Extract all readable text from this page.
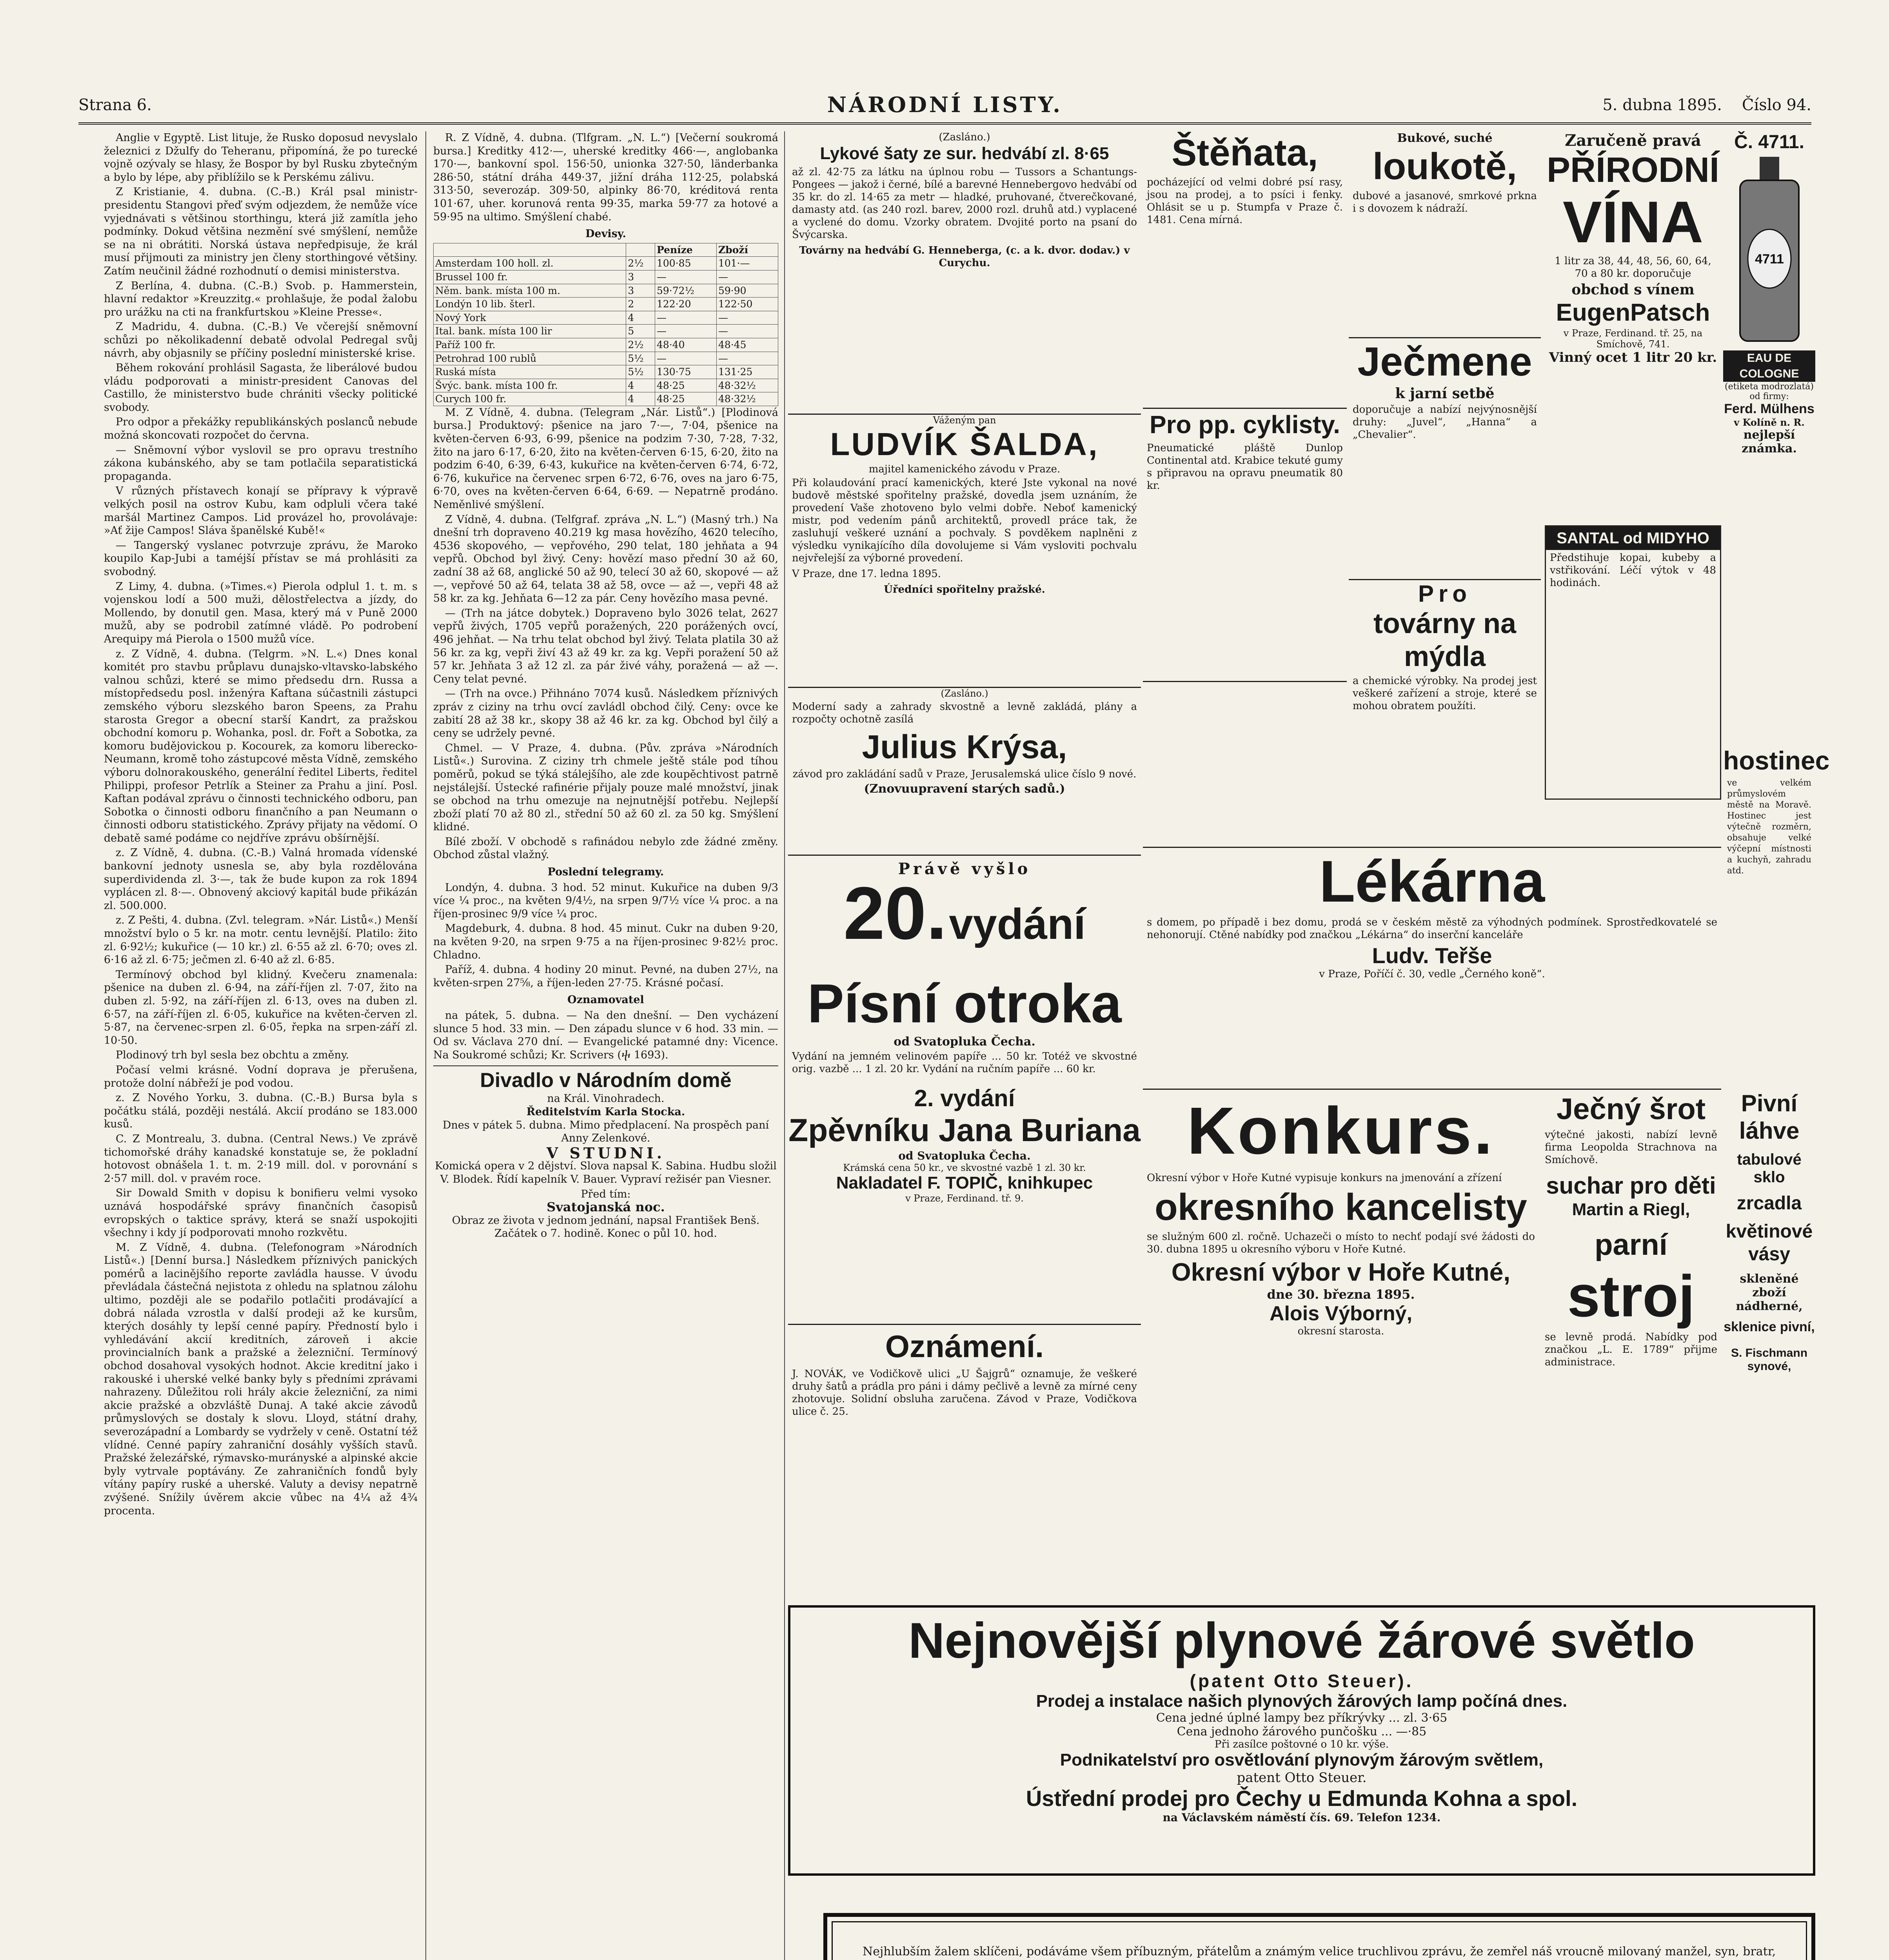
Strana 6.	NÁRODNÍ LISTY.	5. dubna 1895. Číslo 94.

Anglie v Egyptě. List lituje, že Rusko doposud nevyslalo železnici z Džulfy do Teheranu, připomíná, že po turecké vojně ozývaly se hlasy, že Bospor by byl Rusku zbytečným a bylo by lépe, aby přiblížilo se k Perskému zálivu.

Z Kristianie, 4. dubna. (C.-B.) Král psal ministr-presidentu Stangovi přeď svým odjezdem, že nemůže více vyjednávati s většinou storthingu, která již zamítla jeho podmínky. Dokud většina nezmění své smýšlení, nemůže se na ni obrátiti. Norská ústava nepředpisuje, že král musí přijmouti za ministry jen členy storthingové většiny. Zatím neučinil žádné rozhodnutí o demisi ministerstva.

Z Berlína, 4. dubna. (C.-B.) Svob. p. Hammerstein, hlavní redaktor »Kreuzzitg.« prohlašuje, že podal žalobu pro urážku na cti na frankfurtskou »Kleine Presse«.

Z Madridu, 4. dubna. (C.-B.) Ve včerejší sněmovní schůzi po několikadenní debatě odvolal Pedregal svůj návrh, aby objasnily se příčiny poslední ministerské krise.

Během rokování prohlásil Sagasta, že liberálové budou vládu podporovati a ministr-president Canovas del Castillo, že ministerstvo bude chrániti všecky politické svobody.

Pro odpor a překážky republikánských poslanců nebude možná skoncovati rozpočet do června.

— Sněmovní výbor vyslovil se pro opravu trestního zákona kubánského, aby se tam potlačila separatistická propaganda.

V různých přístavech konají se přípravy k výpravě velkých posil na ostrov Kubu, kam odpluli včera také maršál Martinez Campos. Lid provázel ho, provolávaje: »Ať žije Campos! Sláva španělské Kubě!«

— Tangerský vyslanec potvrzuje zprávu, že Maroko koupilo Kap-Jubi a taméjší přístav se má prohlásiti za svobodný.

Z Limy, 4. dubna. (»Times.«) Pierola odplul 1. t. m. s vojenskou lodí a 500 muži, dělostřelectva a jízdy, do Mollendo, by donutil gen. Masa, který má v Puně 2000 mužů, aby se podrobil zatímné vládě. Po podrobení Arequipy má Pierola o 1500 mužů více.

z. Z Vídně, 4. dubna. (Telgrm. »N. L.«) Dnes konal komitét pro stavbu průplavu dunajsko-vltavsko-labského valnou schůzi, které se mimo předsedu drn. Russa a místopředsedu posl. inženýra Kaftana súčastnili zástupci zemského výboru slezského baron Speens, za Prahu starosta Gregor a obecní starší Kandrt, za pražskou obchodní komoru p. Wohanka, posl. dr. Fořt a Sobotka, za komoru budějovickou p. Kocourek, za komoru liberecko-Neumann, kromě toho zástupcové města Vídně, zemského výboru dolnorakouského, generální ředitel Liberts, ředitel Philippi, profesor Petrlík a Steiner za Prahu a jiní. Posl. Kaftan podával zprávu o činnosti technického odboru, pan Sobotka o činnosti odboru finančního a pan Neumann o činnosti odboru statistického. Zprávy přijaty na vědomí. O debatě samé podáme co nejdříve zprávu obšírnější.

z. Z Vídně, 4. dubna. (C.-B.) Valná hromada vídenské bankovní jednoty usnesla se, aby byla rozdělována superdividenda zl. 3·—, tak že bude kupon za rok 1894 vyplácen zl. 8·—. Obnovený akciový kapitál bude přikázán zl. 500.000.

z. Z Pešti, 4. dubna. (Zvl. telegram. »Nár. Listů«.) Menší množství bylo o 5 kr. na motr. centu levnější. Platilo: žito zl. 6·92½; kukuřice (— 10 kr.) zl. 6·55 až zl. 6·70; oves zl. 6·16 až zl. 6·75; ječmen zl. 6·40 až zl. 6·85.

Termínový obchod byl klidný. Kvečeru znamenala: pšenice na duben zl. 6·94, na září-říjen zl. 7·07, žito na duben zl. 5·92, na září-říjen zl. 6·13, oves na duben zl. 6·57, na září-říjen zl. 6·05, kukuřice na květen-červen zl. 5·87, na červenec-srpen zl. 6·05, řepka na srpen-září zl. 10·50.

Plodinový trh byl sesla bez obchtu a změny.

Počasí velmi krásné. Vodní dopravа je přerušena, protože dolní nábřeží je pod vodou.

z. Z Nového Yorku, 3. dubna. (C.-B.) Bursa byla s počátku stálá, později nestálá. Akcií prodáno se 183.000 kusů.

C. Z Montrealu, 3. dubna. (Central News.) Ve zprávě tichomořské dráhy kanadské konstatuje se, že pokladní hotovost obnášela 1. t. m. 2·19 mill. dol. v porovnání s 2·57 mill. dol. v pravém roce.

Sir Dowald Smith v dopisu k bonifieru velmi vysoko uznává hospodářské správy finančních časopisů evropských o taktice správy, která se snaží uspokojiti všechny i kdy jí podporovati mnoho rozkvětu.

M. Z Vídně, 4. dubna. (Telefonogram »Národních Listů«.) [Denní bursa.] Následkem příznivých panických pomérů a lacinějšího reporte zavládla hausse. V úvodu převládala částečná nejistota z ohledu na splatnou zálohu ultimo, později ale se podařilo potlačiti prodávající a dobrá nálada vzrostla v další prodeji až ke kursům, kterých dosáhly ty lepší cenné papíry. Předností bylo i vyhledávání akcií kreditních, zároveň i akcie provincialních bank a pražské a železniční. Termínový obchod dosahoval vysokých hodnot. Akcie kreditní jako i rakouské i uherské velké banky byly s předními zprávami nahrazeny. Důležitou roli hrály akcie železniční, za nimi akcie pražské a obzvláště Dunaj. A také akcie závodů průmyslových se dostaly k slovu. Lloyd, státní drahy, severozápadní a Lombardy se vydržely v ceně. Ostatní též vlídné. Cenné papíry zahraniční dosáhly vyšších stavů. Pražské železářské, rýmavsko-murányské a alpinské akcie byly vytrvale poptávány. Ze zahraničních fondů byly vítány papíry ruské a uherské. Valuty a devisy nepatrně zvýšené. Snížily úvěrem akcie vůbec na 4¼ až 4¾ procenta.

R. Z Vídně, 4. dubna. (Tlfgram. „N. L.“) [Večerní soukromá bursa.] Kreditky 412·—, uherské kreditky 466·—, anglobanka 170·—, bankovní spol. 156·50, unionka 327·50, länderbanka 286·50, státní dráha 449·37, jižní dráha 112·25, polabská 313·50, severozáp. 309·50, alpinky 86·70, kréditová renta 101·67, uher. korunová renta 99·35, marka 59·77 za hotové a 59·95 na ultimo. Smýšlení chabé.

Devisy.
		Peníze	Zboží
Amsterdam 100 holl. zl.	2½	100·85	101·—
Brussel 100 fr.	3	—	—
Něm. bank. místa 100 m.	3	59·72½	59·90
Londýn 10 lib. šterl.	2	122·20	122·50
Nový York	4	—	—
Ital. bank. místa 100 lir	5	—	—
Paříž 100 fr.	2½	48·40	48·45
Petrohrad 100 rublů	5½	—	—
Ruská místa	5½	130·75	131·25
Švýc. bank. místa 100 fr.	4	48·25	48·32½
Curych 100 fr.	4	48·25	48·32½

M. Z Vídně, 4. dubna. (Telegram „Nár. Listů“.) [Plodinová bursa.] Produktový: pšenice na jaro 7·—, 7·04, pšenice na květen-červen 6·93, 6·99, pšenice na podzim 7·30, 7·28, 7·32, žito na jaro 6·17, 6·20, žito na květen-červen 6·15, 6·20, žito na podzim 6·40, 6·39, 6·43, kukuřice na květen-červen 6·74, 6·72, 6·76, kukuřice na červenec srpen 6·72, 6·76, oves na jaro 6·75, 6·70, oves na květen-červen 6·64, 6·69. — Nepatrně prodáno. Neměnlivé smýšlení.

Z Vídně, 4. dubna. (Telfgraf. zpráva „N. L.“) (Masný trh.) Na dnešní trh dopraveno 40.219 kg masa hovězího, 4620 telecího, 4536 skopového, — vepřového, 290 telat, 180 jehňata a 94 vepřů. Obchod byl živý. Ceny: hovězí maso přední 30 až 60, zadní 38 až 68, anglické 50 až 90, telecí 30 až 60, skopové — až —, vepřové 50 až 64, telata 38 až 58, ovce — až —, vepři 48 až 58 kr. za kg. Jehňata 6—12 za pár. Ceny hovězího masa pevné.

— (Trh na játce dobytek.) Dopraveno bylo 3026 telat, 2627 vepřů živých, 1705 vepřů poražených, 220 porážených ovcí, 496 jehňat. — Na trhu telat obchod byl živý. Telata platila 30 až 56 kr. za kg, vepři živí 43 až 49 kr. za kg. Vepři poražení 50 až 57 kr. Jehňata 3 až 12 zl. za pár živé váhy, poražená — až —. Ceny telat pevné.

— (Trh na ovce.) Přihnáno 7074 kusů. Následkem příznivých zpráv z ciziny na trhu ovcí zavládl obchod čilý. Ceny: ovce ke zabití 28 až 38 kr., skopy 38 až 46 kr. za kg. Obchod byl čilý a ceny se udržely pevné.

Chmel. — V Praze, 4. dubna. (Pův. zpráva »Národních Listů«.) Surovina. Z ciziny trh chmele ještě stále pod tíhou poměrů, pokud se týká stálejšího, ale zde koupěchtivost patrně nejstálejší. Ústecké rafinérie přijaly pouze malé množství, jinak se obchod na trhu omezuje na nejnutnější potřebu. Nejlepší zboží platí 70 až 80 zl., střední 50 až 60 zl. za 50 kg. Smýšlení klidné.

Bílé zboží. V obchodě s rafinádou nebylo zde žádné změny. Obchod zůstal vlažný.

Poslední telegramy.

Londýn, 4. dubna. 3 hod. 52 minut. Kukuřice na duben 9/3 více ¼ proc., na květen 9/4½, na srpen 9/7½ více ¼ proc. a na říjen-prosinec 9/9 více ¼ proc.

Magdeburk, 4. dubna. 8 hod. 45 minut. Cukr na duben 9·20, na květen 9·20, na srpen 9·75 a na říjen-prosinec 9·82½ proc. Chladno.

Paříž, 4. dubna. 4 hodiny 20 minut. Pevné, na duben 27½, na květen-srpen 27⅝, a říjen-leden 27·75. Krásné počasí.

Oznamovatel

na pátek, 5. dubna. — Na den dnešní. — Den vycházení slunce 5 hod. 33 min. — Den západu slunce v 6 hod. 33 min. — Od sv. Václava 270 dní. — Evangelické patamné dny: Vicence. Na Soukromé schůzi; Kr. Scrivers (ⴕ 1693).

Divadlo v Národním domě
na Král. Vinohradech.
Ředitelstvím Karla Stocka.

Dnes v pátek 5. dubna. Mimo předplacení. Na prospěch paní Anny Zelenkové.

V STUDNI.

Komická opera v 2 dějství. Slova napsal K. Sabina. Hudbu složil V. Blodek. Řídí kapelník V. Bauer. Vypraví režisér pan Viesner.

Před tím:
Svatojanská noc.

Obraz ze života v jednom jednání, napsal František Benš. Začátek o 7. hodině. Konec o půl 10. hod.

(Zasláno.)
Lykové šaty ze sur. hedvábí zl. 8·65
až zl. 42·75 za látku na úplnou robu — Tussors a Schantungs-Pongees — jakož i černé, bílé a barevné Hennebergovo hedvábí od 35 kr. do zl. 14·65 za metr — hladké, pruhované, čtverečkované, damasty atd. (as 240 rozl. barev, 2000 rozl. druhů atd.) vyplacené a vyclené do domu. Vzorky obratem. Dvojité porto na psaní do Švýcarska.
Továrny na hedvábí G. Henneberga, (c. a k. dvor. dodav.) v Curychu.
Váženým pan
LUDVÍK ŠALDA,
majitel kamenického závodu v Praze.
Při kolaudování prací kamenických, které Jste vykonal na nové budově městské spořitelny pražské, dovedla jsem uznáním, že provedení Vaše zhotoveno bylo velmi dobře. Neboť kamenický mistr, pod vedením pánů architektů, provedl práce tak, že zasluhují veškeré uznání a pochvaly. S povděkem naplněni z výsledku vynikajícího díla dovolujeme si Vám vysloviti pochvalu nejvřelejší za výborné provedení.
V Praze, dne 17. ledna 1895.
Úředníci spořitelny pražské.
(Zasláno.)
Moderní sady a zahrady skvostně a levně zakládá, plány a rozpočty ochotně zasílá
Julius Krýsa,
závod pro zakládání sadů v Praze, Jerusalemská ulice číslo 9 nové.
(Znovuupravení starých sadů.)
Právě vyšlo
20. vydání
Písní otroka
od Svatopluka Čecha.
Vydání na jemném velinovém papíře ... 50 kr. Totéž ve skvostné orig. vazbě ... 1 zl. 20 kr. Vydání na ručním papíře ... 60 kr.
2. vydání
Zpěvníku Jana Buriana
od Svatopluka Čecha.
Krámská cena 50 kr., ve skvostné vazbě 1 zl. 30 kr.
Nakladatel F. TOPIČ, knihkupec
v Praze, Ferdinand. tř. 9.
Oznámení.
J. NOVÁK, ve Vodičkově ulici „U Šajgrů“ oznamuje, že veškeré druhy šatů a prádla pro páni i dámy pečlivě a levně za mírné ceny zhotovuje. Solidní obsluha zaručena. Závod v Praze, Vodičkova ulice č. 25.
Štěňata,
pocházející od velmi dobré psí rasy, jsou na prodej, a to psíci i fenky. Ohlásit se u p. Stumpfa v Praze č. 1481. Cena mírná.
Pro pp. cyklisty.
Pneumatické pláště Dunlop Continental atd. Krabice tekuté gumy s připravou na opravu pneumatik 80 kr.
Bukové, suché
loukotě,
dubové a jasanové, smrkové prkna i s dovozem k nádraží.
Ječmene
k jarní setbě
doporučuje a nabízí nejvýnosnější druhy: „Juvel“, „Hanna“ a „Chevalier“.
Pro
továrny na mýdla
a chemické výrobky. Na prodej jest veškeré zařízení a stroje, které se mohou obratem použíti.
Zaručeně pravá
PŘÍRODNÍ
VÍNA
1 litr za 38, 44, 48, 56, 60, 64, 70 a 80 kr. doporučuje
obchod s vínem
EugenPatsch
v Praze, Ferdinand. tř. 25, na Smíchově, 741.
Vinný ocet 1 litr 20 kr.
SANTAL od MIDYHO
Předstihuje kopai, kubeby a vstřikování. Léčí výtok v 48 hodinách.
Č. 4711.
4711
EAU DE COLOGNE
(etiketa modrozlatá) od firmy:
Ferd. Mülhens
v Kolíně n. R.
nejlepší známka.
hostinec
ve velkém průmyslovém městě na Moravě. Hostinec jest výtečně rozměrn, obsahuje velké výčepní místnosti a kuchyň, zahradu atd.
Lékárna
s domem, po případě i bez domu, prodá se v českém městě za výhodných podmínek. Sprostředkovatelé se nehonorují. Ctěné nabídky pod značkou „Lékárna“ do inserční kanceláře
Ludv. Teřše
v Praze, Poříčí č. 30, vedle „Černého koně“.
Konkurs.
Okresní výbor v Hoře Kutné vypisuje konkurs na jmenování a zřízení
okresního kancelisty
se služným 600 zl. ročně. Uchazeči o místo to nechť podají své žádosti do 30. dubna 1895 u okresního výboru v Hoře Kutné.
Okresní výbor v Hoře Kutné,
dne 30. března 1895.
Alois Výborný,
okresní starosta.
Ječný šrot
výtečné jakosti, nabízí levně firma Leopolda Strachnova na Smíchově.
suchar pro děti
Martin a Riegl,
parní
stroj
se levně prodá. Nabídky pod značkou „L. E. 1789“ přijme administrace.
Pivní láhve
tabulové sklo
zrcadla
květinové vásy
skleněné zboží nádherné,
sklenice pivní,
S. Fischmann synové,
Nejnovější plynové žárové světlo
(patent Otto Steuer).
Prodej a instalace našich plynových žárových lamp počíná dnes.
Cena jedné úplné lampy bez příkrývky ... zl. 3·65
Cena jednoho žárového punčošku ... —·85
Při zasílce poštovné o 10 kr. výše.
Podnikatelství pro osvětlování plynovým žárovým světlem,
patent Otto Steuer.
Ústřední prodej pro Čechy u Edmunda Kohna a spol.
na Václavském náměstí čís. 69. Telefon 1234.
Nejhlubším žalem sklíčeni, podáváme všem příbuzným, přátelům a známým velice truchlivou zprávu, že zemřel náš vroucně milovaný manžel, syn, bratr,
